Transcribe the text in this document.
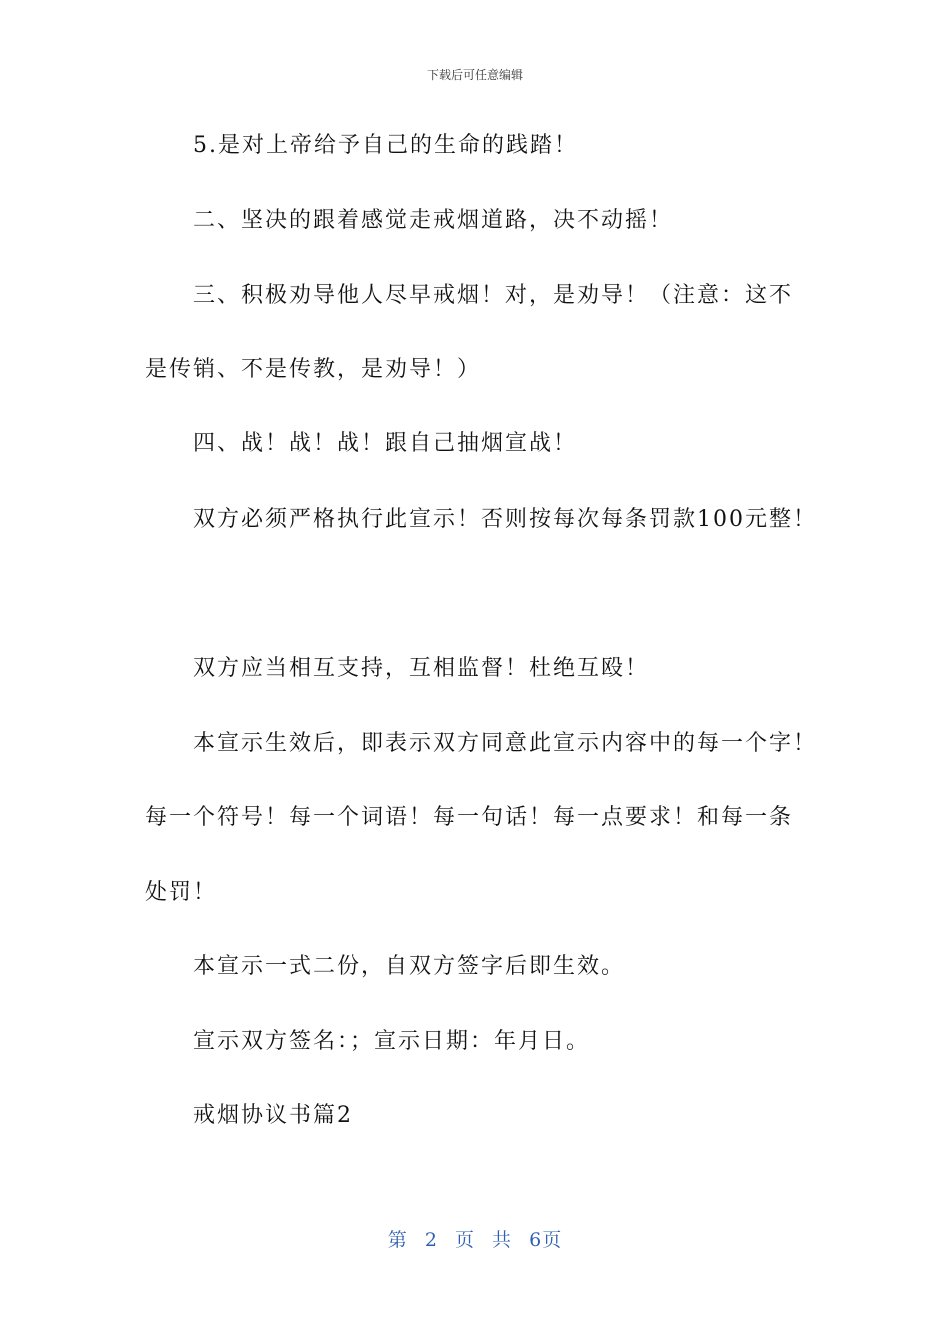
下载后可任意编辑
5.是对上帝给予自己的生命的践踏！
二、坚决的跟着感觉走戒烟道路，决不动摇！
三、积极劝导他人尽早戒烟！对，是劝导！（注意：这不
是传销、不是传教，是劝导！）
四、战！战！战！跟自己抽烟宣战！
双方必须严格执行此宣示！否则按每次每条罚款100元整！
双方应当相互支持，互相监督！杜绝互殴！
本宣示生效后，即表示双方同意此宣示内容中的每一个字！
每一个符号！每一个词语！每一句话！每一点要求！和每一条
处罚！
本宣示一式二份，自双方签字后即生效。
宣示双方签名：；宣示日期：年月日。
戒烟协议书篇2
第 2 页 共 6页
